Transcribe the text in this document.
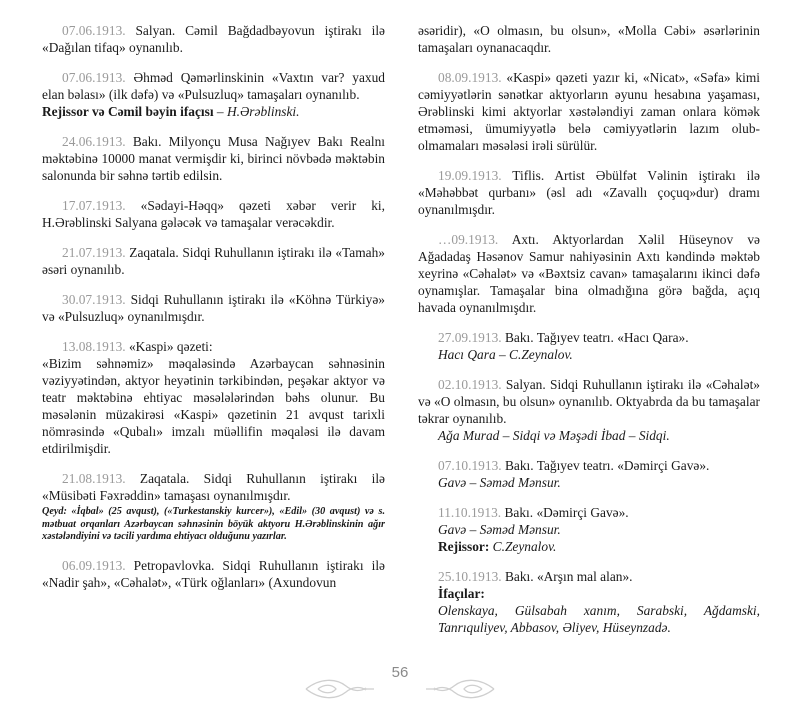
07.06.1913. Salyan. Cəmil Bağdadbəyovun iştirakı ilə «Dağılan tifaq» oynanılıb.

07.06.1913. Əhməd Qəmərlinskinin «Vaxtın var? yaxud elan bəlası» (ilk dəfə) və «Pulsuzluq» tamaşaları oynanılıb.

Rejissor və Cəmil bəyin ifaçısı – H.Ərəblinski.

24.06.1913. Bakı. Milyonçu Musa Nağıyev Bakı Realnı məktəbinə 10000 manat vermişdir ki, birinci növbədə məktəbin salonunda bir səhnə tərtib edilsin.

17.07.1913. «Sədayi-Həqq» qəzeti xəbər verir ki, H.Ərəblinski Salyana gələcək və tamaşalar verəcəkdir.

21.07.1913. Zaqatala. Sidqi Ruhullanın iştirakı ilə «Tamah» əsəri oynanılıb.

30.07.1913. Sidqi Ruhullanın iştirakı ilə «Köhnə Türkiyə» və «Pulsuzluq» oynanılmışdır.

13.08.1913. «Kaspi» qəzeti:

«Bizim səhnəmiz» məqaləsində Azərbaycan səhnəsinin vəziyyətindən, aktyor heyətinin tərkibindən, peşəkar aktyor və teatr məktəbinə ehtiyac məsələlərindən bəhs olunur. Bu məsələnin müzakirəsi «Kaspi» qəzetinin 21 avqust tarixli nömrəsində «Qubalı» imzalı müəllifin məqaləsi ilə davam etdirilmişdir.

21.08.1913. Zaqatala. Sidqi Ruhullanın iştirakı ilə «Müsibəti Fəxrəddin» tamaşası oynanılmışdır.

Qeyd: «İqbal» (25 avqust), («Turkestanskiy kurcer»), «Edil» (30 avqust) və s. mətbuat orqanları Azərbaycan səhnəsinin böyük aktyoru H.Ərəblinskinin ağır xəstələndiyini və təcili yardıma ehtiyacı olduğunu yazırlar.

06.09.1913. Petropavlovka. Sidqi Ruhullanın iştirakı ilə «Nadir şah», «Cəhalət», «Türk oğlanları» (Axundovun

əsəridir), «O olmasın, bu olsun», «Molla Cəbi» əsərlərinin tamaşaları oynanacaqdır.

08.09.1913. «Kaspi» qəzeti yazır ki, «Nicat», «Səfa» kimi cəmiyyətlərin sənətkar aktyorların əyunu hesabına yaşaması, Ərəblinski kimi aktyorlar xəstələndiyi zaman onlara kömək etməməsi, ümumiyyətlə belə cəmiyyətlərin lazım olub-olmamaları məsələsi irəli sürülür.

19.09.1913. Tiflis. Artist Əbülfət Vəlinin iştirakı ilə «Məhəbbət qurbanı» (əsl adı «Zavallı çoçuq»dur) dramı oynanılmışdır.

…09.1913. Axtı. Aktyorlardan Xəlil Hüseynov və Ağadadaş Həsənov Samur nahiyəsinin Axtı kəndində məktəb xeyrinə «Cəhalət» və «Bəxtsiz cavan» tamaşalarını ikinci dəfə oynamışlar. Tamaşalar bina olmadığına görə bağda, açıq havada oynanılmışdır.

27.09.1913. Bakı. Tağıyev teatrı. «Hacı Qara».

Hacı Qara – C.Zeynalov.

02.10.1913. Salyan. Sidqi Ruhullanın iştirakı ilə «Cəhalət» və «O olmasın, bu olsun» oynanılıb. Oktyabrda da bu tamaşalar təkrar oynanılıb.

Ağa Murad – Sidqi və Məşədi İbad – Sidqi.

07.10.1913. Bakı. Tağıyev teatrı. «Dəmirçi Gavə».

Gavə – Səməd Mənsur.

11.10.1913. Bakı. «Dəmirçi Gavə».

Gavə – Səməd Mənsur.

Rejissor: C.Zeynalov.

25.10.1913. Bakı. «Arşın mal alan».

İfaçılar:

Olenskaya, Gülsabah xanım, Sarabski, Ağdamski, Tanrıquliyev, Abbasov, Əliyev, Hüseynzadə.

56
